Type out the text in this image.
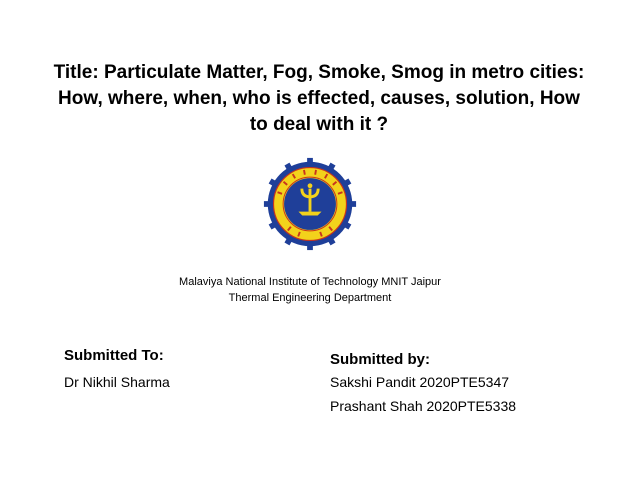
Title: Particulate Matter, Fog, Smoke, Smog in metro cities:
How, where, when, who is effected, causes, solution, How
to deal with it ?
Malaviya National Institute of Technology MNIT Jaipur
Thermal Engineering Department
Submitted To:
Dr Nikhil Sharma
Submitted by:
Sakshi Pandit 2020PTE5347
Prashant Shah 2020PTE5338
